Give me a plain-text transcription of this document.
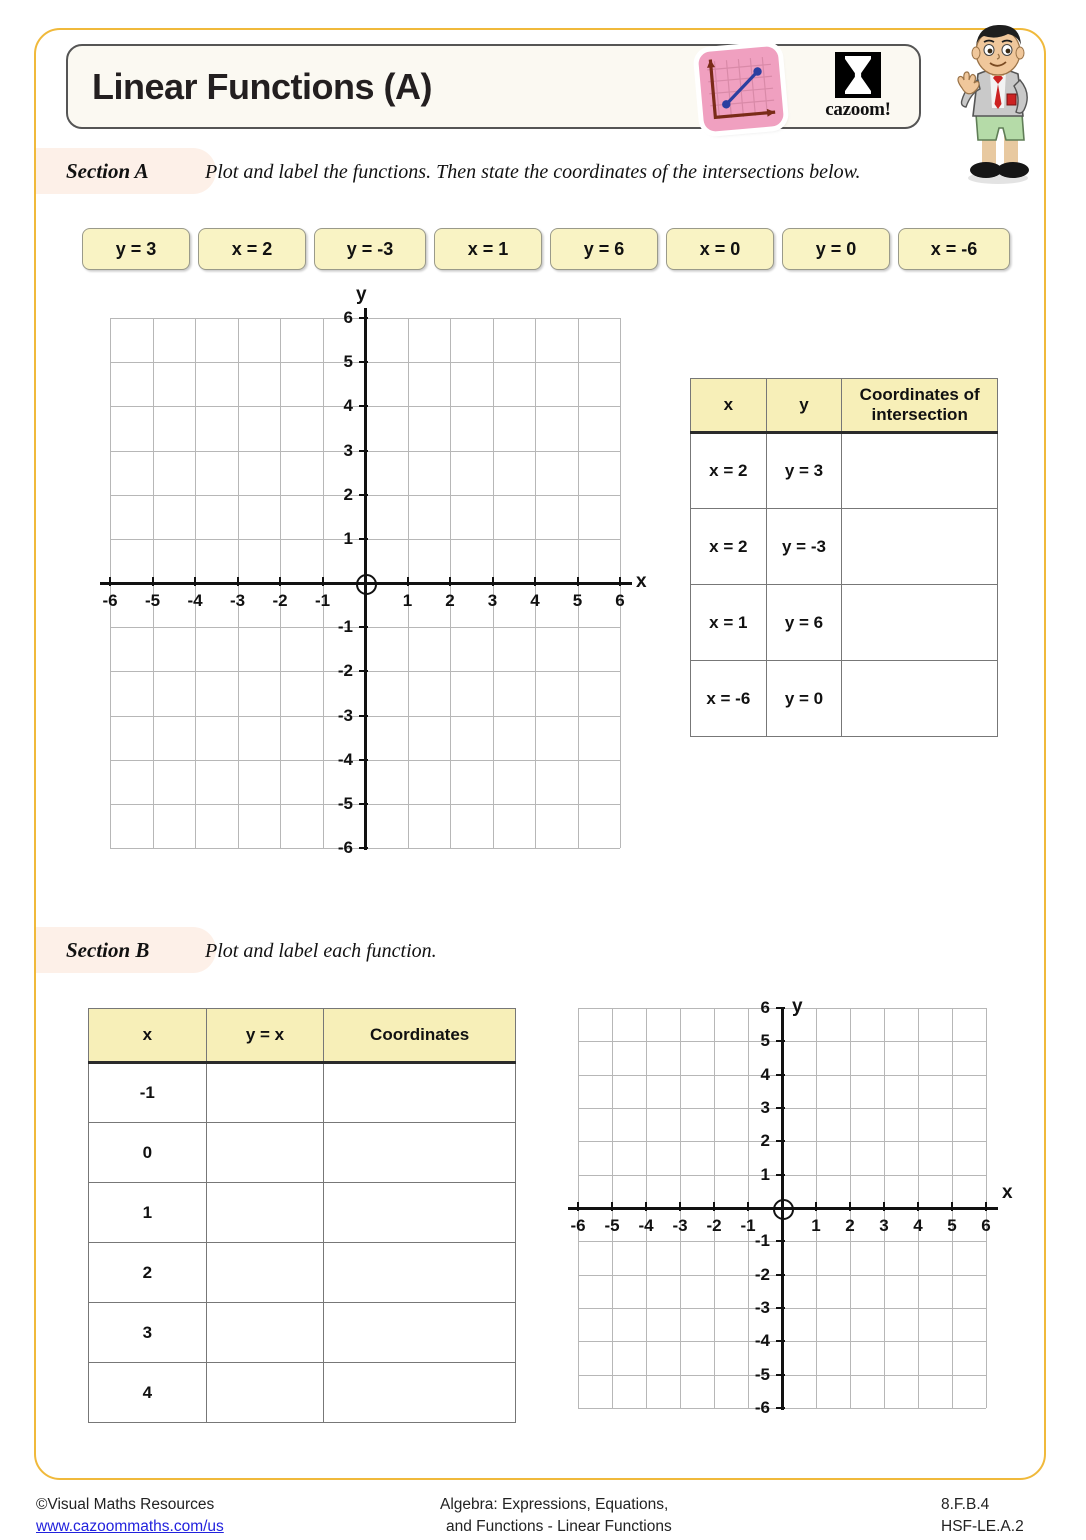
Linear Functions (A)
cazoom!
Section A	Plot and label the functions. Then state the coordinates of the intersections below.
y = 3	x = 2	y = -3	x = 1	y = 6	x = 0	y = 0	x = -6
-6	-5	-4	-3	-2	-1	1	2	3	4	5	6
6
5
4
3
2
1
-1
-2
-3
-4
-5
-6
x
y
x	y	Coordinates of intersection
x = 2	y = 3	
x = 2	y = -3	
x = 1	y = 6	
x = -6	y = 0	
Section B	Plot and label each function.
x	y = x	Coordinates
-1		
0		
1		
2		
3		
4		
-6	-5	-4	-3	-2	-1	1	2	3	4	5	6
6
5
4
3
2
1
-1
-2
-3
-4
-5
-6
x
y
©Visual Maths Resources
www.cazoommaths.com/us
Algebra: Expressions, Equations,
and Functions - Linear Functions
8.F.B.4
HSF-LE.A.2
